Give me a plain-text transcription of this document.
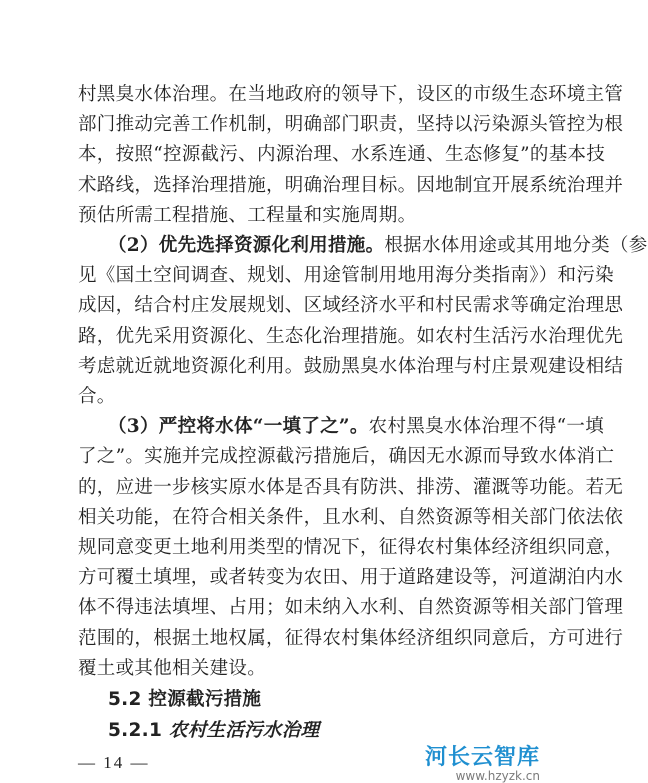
村黑臭水体治理。在当地政府的领导下，设区的市级生态环境主管
部门推动完善工作机制，明确部门职责，坚持以污染源头管控为根
本，按照“控源截污、内源治理、水系连通、生态修复”的基本技
术路线，选择治理措施，明确治理目标。因地制宜开展系统治理并
预估所需工程措施、工程量和实施周期。
（2）优先选择资源化利用措施。根据水体用途或其用地分类（参
见《国土空间调查、规划、用途管制用地用海分类指南》）和污染
成因，结合村庄发展规划、区域经济水平和村民需求等确定治理思
路，优先采用资源化、生态化治理措施。如农村生活污水治理优先
考虑就近就地资源化利用。鼓励黑臭水体治理与村庄景观建设相结
合。
（3）严控将水体“一填了之”。农村黑臭水体治理不得“一填
了之”。实施并完成控源截污措施后，确因无水源而导致水体消亡
的，应进一步核实原水体是否具有防洪、排涝、灌溉等功能。若无
相关功能，在符合相关条件，且水利、自然资源等相关部门依法依
规同意变更土地利用类型的情况下，征得农村集体经济组织同意，
方可覆土填埋，或者转变为农田、用于道路建设等，河道湖泊内水
体不得违法填埋、占用；如未纳入水利、自然资源等相关部门管理
范围的，根据土地权属，征得农村集体经济组织同意后，方可进行
覆土或其他相关建设。
5.2 控源截污措施
5.2.1 农村生活污水治理
— 14 —	河长云智库
www.hzyzk.cn
